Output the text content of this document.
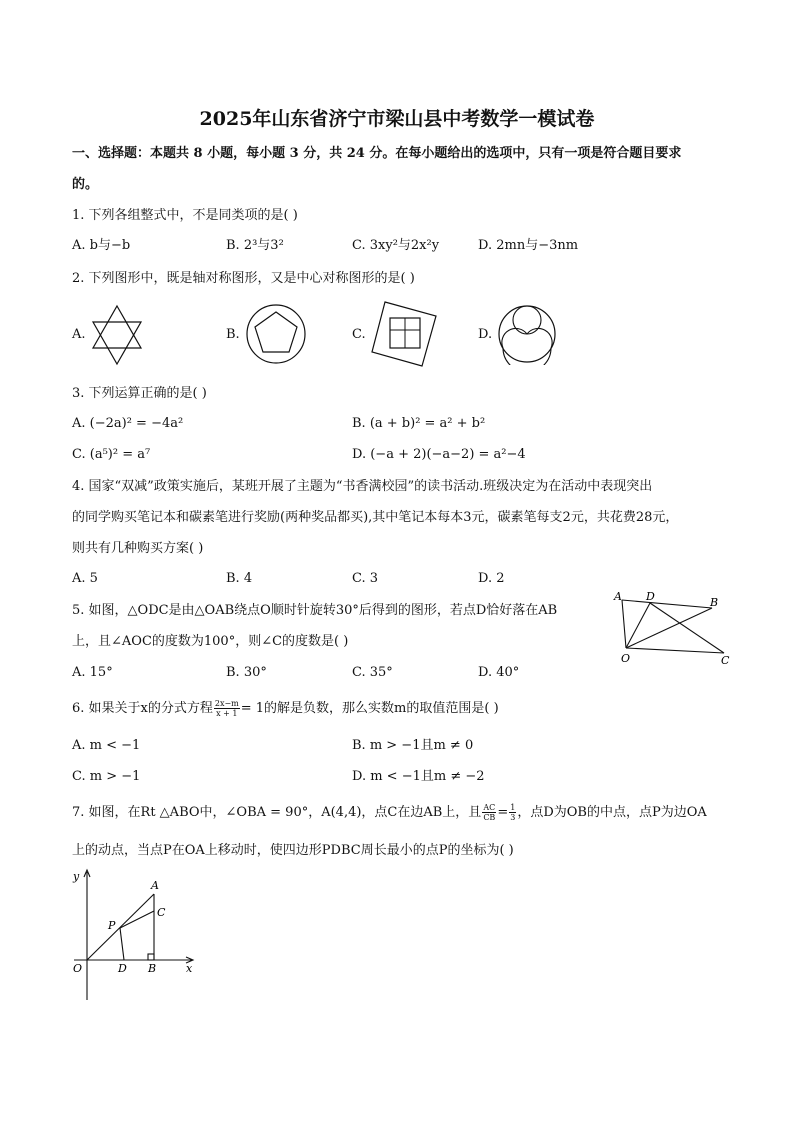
2025年山东省济宁市梁山县中考数学一模试卷
一、选择题：本题共 8 小题，每小题 3 分，共 24 分。在每小题给出的选项中，只有一项是符合题目要求
的。
1. 下列各组整式中，不是同类项的是( )
A. b与−b	B. 2³与3²	C. 3xy²与2x²y	D. 2mn与−3nm
2. 下列图形中，既是轴对称图形，又是中心对称图形的是( )
A.	B.	C.	D.
3. 下列运算正确的是( )
A. (−2a)² = −4a²	B. (a + b)² = a² + b²
C. (a⁵)² = a⁷	D. (−a + 2)(−a−2) = a²−4
4. 国家“双减”政策实施后，某班开展了主题为“书香满校园”的读书活动.班级决定为在活动中表现突出
的同学购买笔记本和碳素笔进行奖励(两种奖品都买),其中笔记本每本3元，碳素笔每支2元，共花费28元，
则共有几种购买方案( )
A. 5	B. 4	C. 3	D. 2
5. 如图，△ODC是由△OAB绕点O顺时针旋转30°后得到的图形，若点D恰好落在AB
上，且∠AOC的度数为100°，则∠C的度数是( )
A. 15°	B. 30°	C. 35°	D. 40°
A D	B
O	C
6. 如果关于x的分式方程 $\frac{2x-m}{x + 1} = 1$的解是负数，那么实数m的取值范围是( )
A. m < −1	B. m > −1且m ≠ 0
C. m > −1	D. m < −1且m ≠ −2
7. 如图，在Rt △ABO中，∠OBA = 90°，A(4,4)，点C在边AB上，且 $\frac{AC}{CB} = \frac{1}{3}$ ，点D为OB的中点，点P为边OA
上的动点，当点P在OA上移动时，使四边形PDBC周长最小的点P的坐标为( )
y
A
C
P
O	D B	x
